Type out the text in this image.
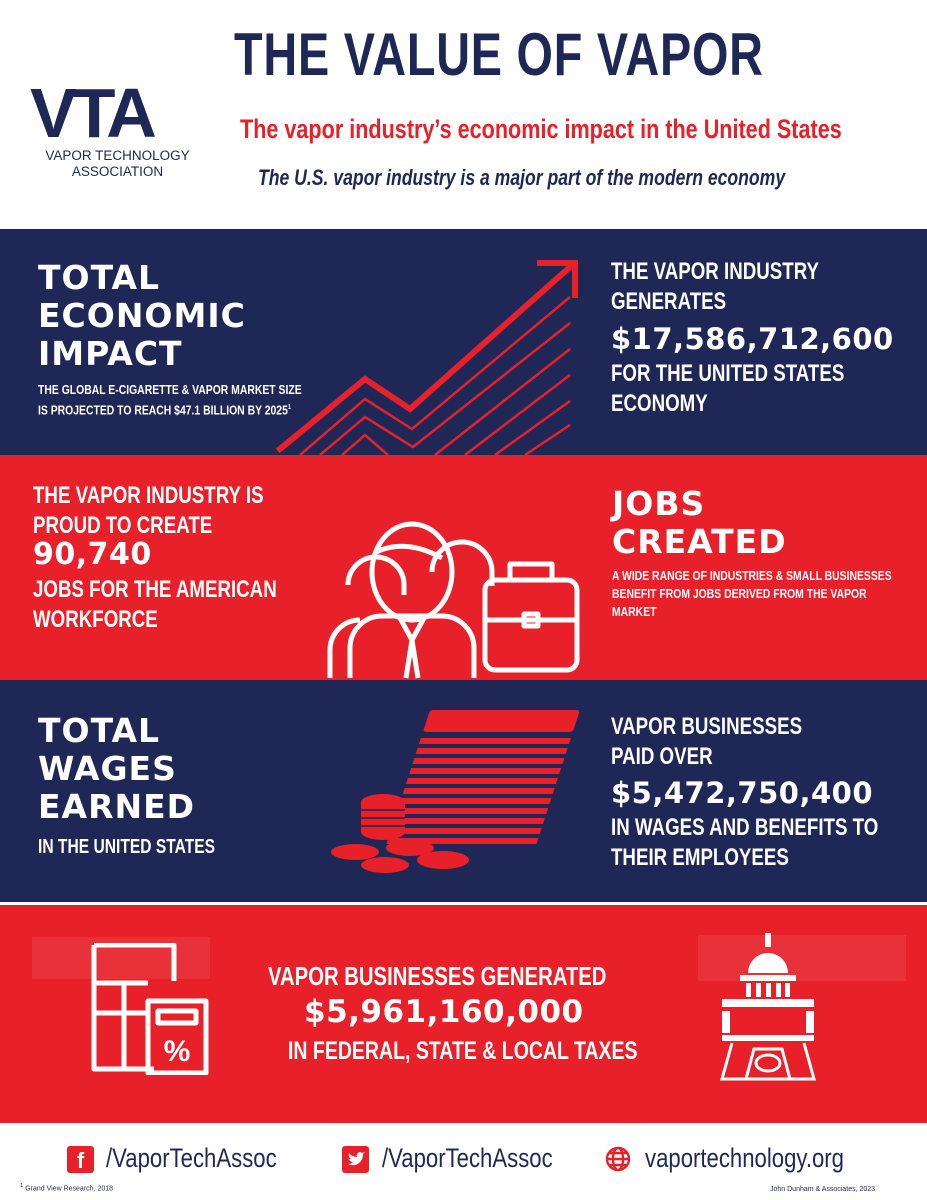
VTA
VAPOR TECHNOLOGY
ASSOCIATION
THE VALUE OF VAPOR
The vapor industry’s economic impact in the United States
The U.S. vapor industry is a major part of the modern economy
TOTAL
ECONOMIC
IMPACT
THE GLOBAL E-CIGARETTE & VAPOR MARKET SIZE
IS PROJECTED TO REACH $47.1 BILLION BY 2025$^1$
THE VAPOR INDUSTRY
GENERATES
$17,586,712,600
FOR THE UNITED STATES
ECONOMY
THE VAPOR INDUSTRY IS
PROUD TO CREATE
90,740
JOBS FOR THE AMERICAN
WORKFORCE
JOBS
CREATED
A WIDE RANGE OF INDUSTRIES & SMALL BUSINESSES
BENEFIT FROM JOBS DERIVED FROM THE VAPOR
MARKET
TOTAL
WAGES
EARNED
IN THE UNITED STATES
VAPOR BUSINESSES
PAID OVER
$5,472,750,400
IN WAGES AND BENEFITS TO
THEIR EMPLOYEES
%
VAPOR BUSINESSES GENERATED
$5,961,160,000
IN FEDERAL, STATE & LOCAL TAXES
f /VaporTechAssoc	/VaporTechAssoc	vaportechnology.org
$^1$ Grand View Research, 2018	John Dunham & Associates, 2023
